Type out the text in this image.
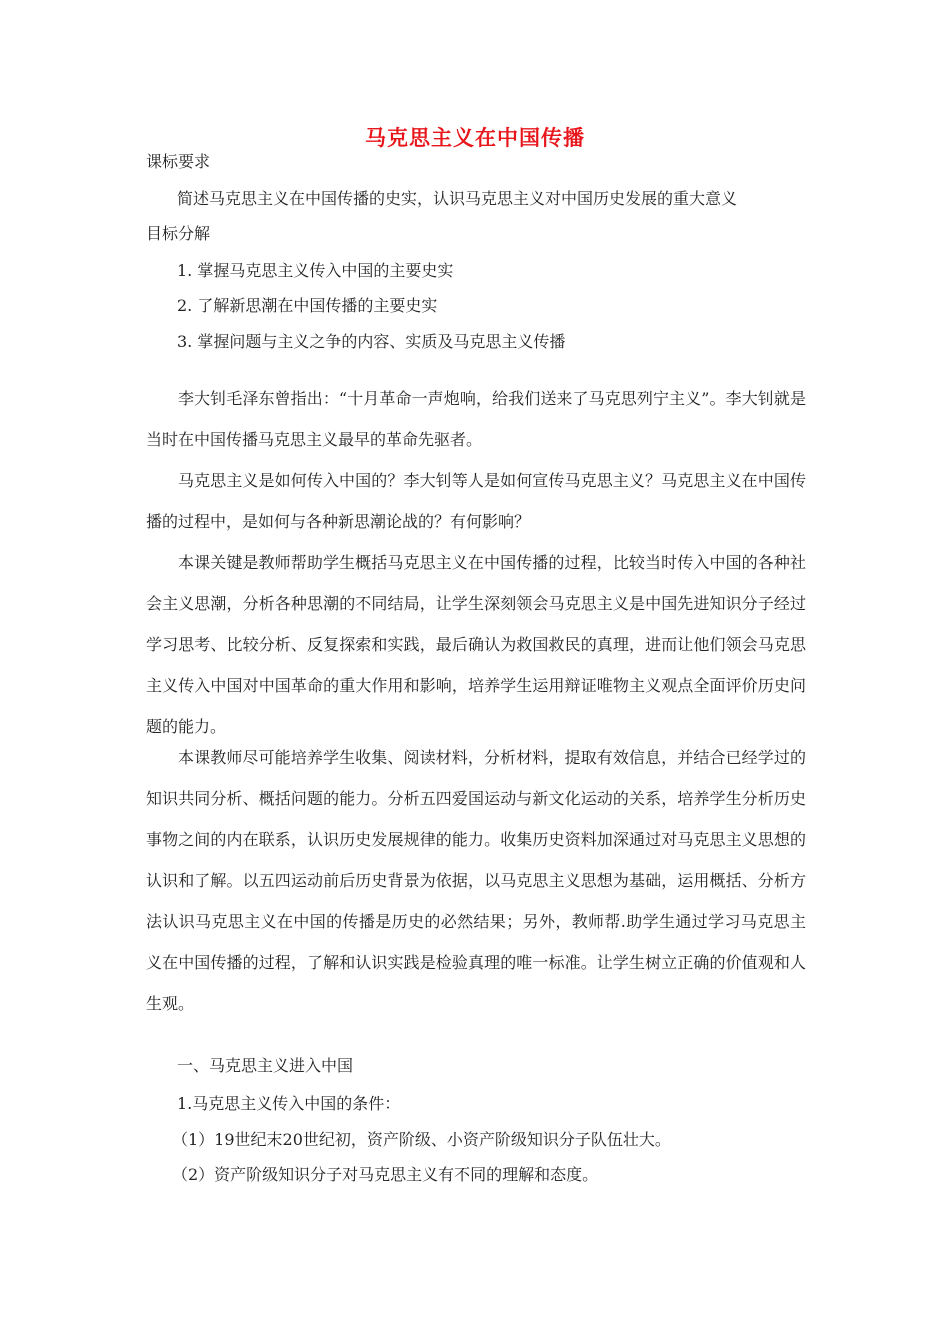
马克思主义在中国传播
课标要求
简述马克思主义在中国传播的史实，认识马克思主义对中国历史发展的重大意义
目标分解
1. 掌握马克思主义传入中国的主要史实
2. 了解新思潮在中国传播的主要史实
3. 掌握问题与主义之争的内容、实质及马克思主义传播
李大钊毛泽东曾指出：“十月革命一声炮响，给我们送来了马克思列宁主义”。李大钊就是当时在中国传播马克思主义最早的革命先驱者。
马克思主义是如何传入中国的？李大钊等人是如何宣传马克思主义？马克思主义在中国传播的过程中，是如何与各种新思潮论战的？有何影响？
本课关键是教师帮助学生概括马克思主义在中国传播的过程，比较当时传入中国的各种社会主义思潮，分析各种思潮的不同结局，让学生深刻领会马克思主义是中国先进知识分子经过学习思考、比较分析、反复探索和实践，最后确认为救国救民的真理，进而让他们领会马克思主义传入中国对中国革命的重大作用和影响，培养学生运用辩证唯物主义观点全面评价历史问题的能力。
本课教师尽可能培养学生收集、阅读材料，分析材料，提取有效信息，并结合已经学过的知识共同分析、概括问题的能力。分析五四爱国运动与新文化运动的关系，培养学生分析历史事物之间的内在联系，认识历史发展规律的能力。收集历史资料加深通过对马克思主义思想的认识和了解。以五四运动前后历史背景为依据，以马克思主义思想为基础，运用概括、分析方法认识马克思主义在中国的传播是历史的必然结果；另外，教师帮.助学生通过学习马克思主义在中国传播的过程，了解和认识实践是检验真理的唯一标准。让学生树立正确的价值观和人生观。
一、马克思主义进入中国
1.马克思主义传入中国的条件：
（1）19世纪末20世纪初，资产阶级、小资产阶级知识分子队伍壮大。
（2）资产阶级知识分子对马克思主义有不同的理解和态度。
